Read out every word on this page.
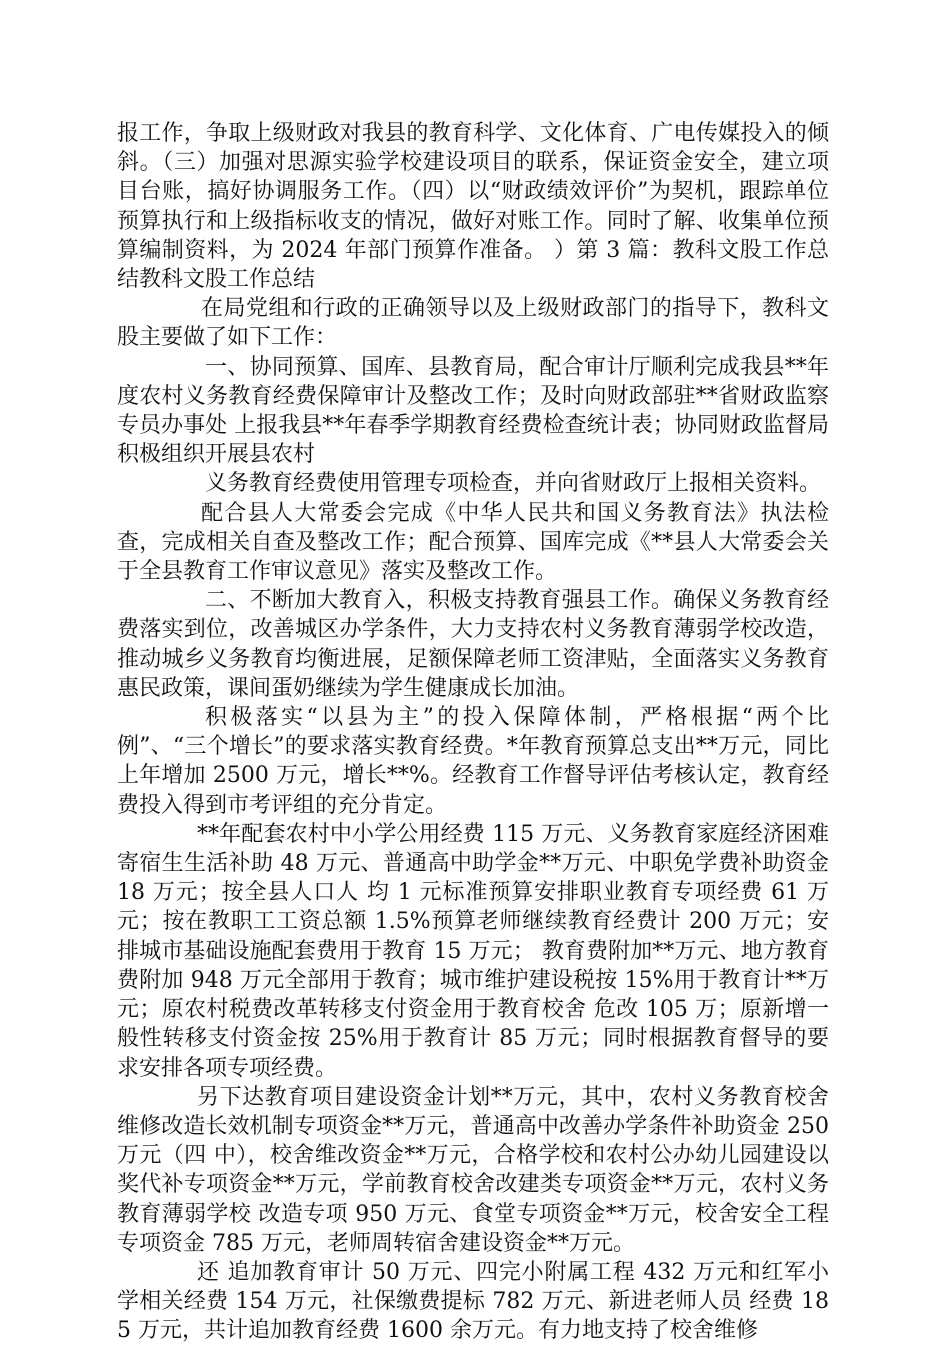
报工作，争取上级财政对我县的教育科学、文化体育、广电传媒投入的倾斜。（三）加强对思源实验学校建设项目的联系，保证资金安全，建立项目台账，搞好协调服务工作。（四）以“财政绩效评价”为契机，跟踪单位预算执行和上级指标收支的情况，做好对账工作。同时了解、收集单位预算编制资料，为 2024 年部门预算作准备。 ）第 3 篇：教科文股工作总结教科文股工作总结

在局党组和行政的正确领导以及上级财政部门的指导下，教科文股主要做了如下工作：

一、协同预算、国库、县教育局，配合审计厅顺利完成我县**年度农村义务教育经费保障审计及整改工作；及时向财政部驻**省财政监察专员办事处 上报我县**年春季学期教育经费检查统计表；协同财政监督局积极组织开展县农村

义务教育经费使用管理专项检查，并向省财政厅上报相关资料。

配合县人大常委会完成《中华人民共和国义务教育法》执法检查，完成相关自查及整改工作；配合预算、国库完成《**县人大常委会关于全县教育工作审议意见》落实及整改工作。

二、不断加大教育入，积极支持教育强县工作。确保义务教育经费落实到位，改善城区办学条件，大力支持农村义务教育薄弱学校改造，推动城乡义务教育均衡进展，足额保障老师工资津贴，全面落实义务教育惠民政策，课间蛋奶继续为学生健康成长加油。

积极落实“以县为主”的投入保障体制，严格根据“两个比例”、“三个增长”的要求落实教育经费。*年教育预算总支出**万元，同比上年增加 2500 万元，增长**%。经教育工作督导评估考核认定，教育经费投入得到市考评组的充分肯定。

**年配套农村中小学公用经费 115 万元、义务教育家庭经济困难寄宿生生活补助 48 万元、普通高中助学金**万元、中职免学费补助资金 18 万元；按全县人口人 均 1 元标准预算安排职业教育专项经费 61 万元；按在教职工工资总额 1.5%预算老师继续教育经费计 200 万元；安排城市基础设施配套费用于教育 15 万元； 教育费附加**万元、地方教育费附加 948 万元全部用于教育；城市维护建设税按 15%用于教育计**万元；原农村税费改革转移支付资金用于教育校舍 危改 105 万；原新增一般性转移支付资金按 25%用于教育计 85 万元；同时根据教育督导的要求安排各项专项经费。

另下达教育项目建设资金计划**万元，其中，农村义务教育校舍维修改造长效机制专项资金**万元，普通高中改善办学条件补助资金 250 万元（四 中），校舍维改资金**万元，合格学校和农村公办幼儿园建设以奖代补专项资金**万元，学前教育校舍改建类专项资金**万元，农村义务教育薄弱学校 改造专项 950 万元、食堂专项资金**万元，校舍安全工程专项资金 785 万元，老师周转宿舍建设资金**万元。

还 追加教育审计 50 万元、四完小附属工程 432 万元和红军小学相关经费 154 万元，社保缴费提标 782 万元、新进老师人员 经费 185 万元，共计追加教育经费 1600 余万元。有力地支持了校舍维修
